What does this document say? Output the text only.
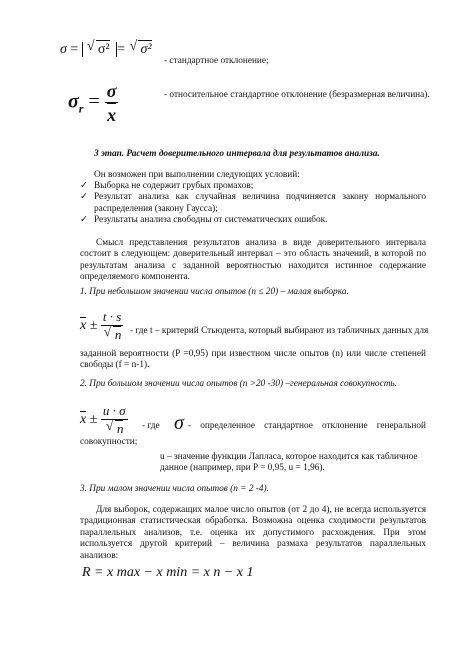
σ = √ σ² = √ σ²
- стандартное отклонение;
$\sigma_r = \frac{\sigma}{x}$	- относительное стандартное отклонение (безразмерная величина).
3 этап. Расчет доверительного интервала для результатов анализа.
Он возможен при выполнении следующих условий:
✓ Выборка не содержит грубых промахов;
✓ Результат анализа как случайная величина подчиняется закону нормального распределения (закону Гаусса);
✓ Результаты анализа свободны от систематических ошибок.
Смысл представления результатов анализа в виде доверительного интервала состоит в следующем: доверительный интервал – это область значений, в которой по результатам анализа с заданной вероятностью находится истинное содержание определяемого компонента.
1. При небольшом значении числа опытов (n ≤ 20) – малая выборка.
x ± t · s
√ n - где t – критерий Стьюдента, который выбирают из табличных данных для
заданной вероятности (P =0,95) при известном числе опытов (n) или числе степеней свободы (f = n-1).
2. При большом значении числа опытов (n >20 -30) –генеральная совокупность.
x ± u · σ
√ n - где σ - определенное стандартное отклонение генеральной
совокупности;
u – значение функции Лапласа, которое находится как табличное данное (например, при P = 0,95, u = 1,96).
3. При малом значении числа опытов (n = 2 -4).
Для выборок, содержащих малое число опытов (от 2 до 4), не всегда используется традиционная статистическая обработка. Возможна оценка сходимости результатов параллельных анализов, т.е. оценка их допустимого расхождения. При этом используется другой критерий – величина размаха результатов параллельных анализов:
R = x max − x min = x n − x 1
